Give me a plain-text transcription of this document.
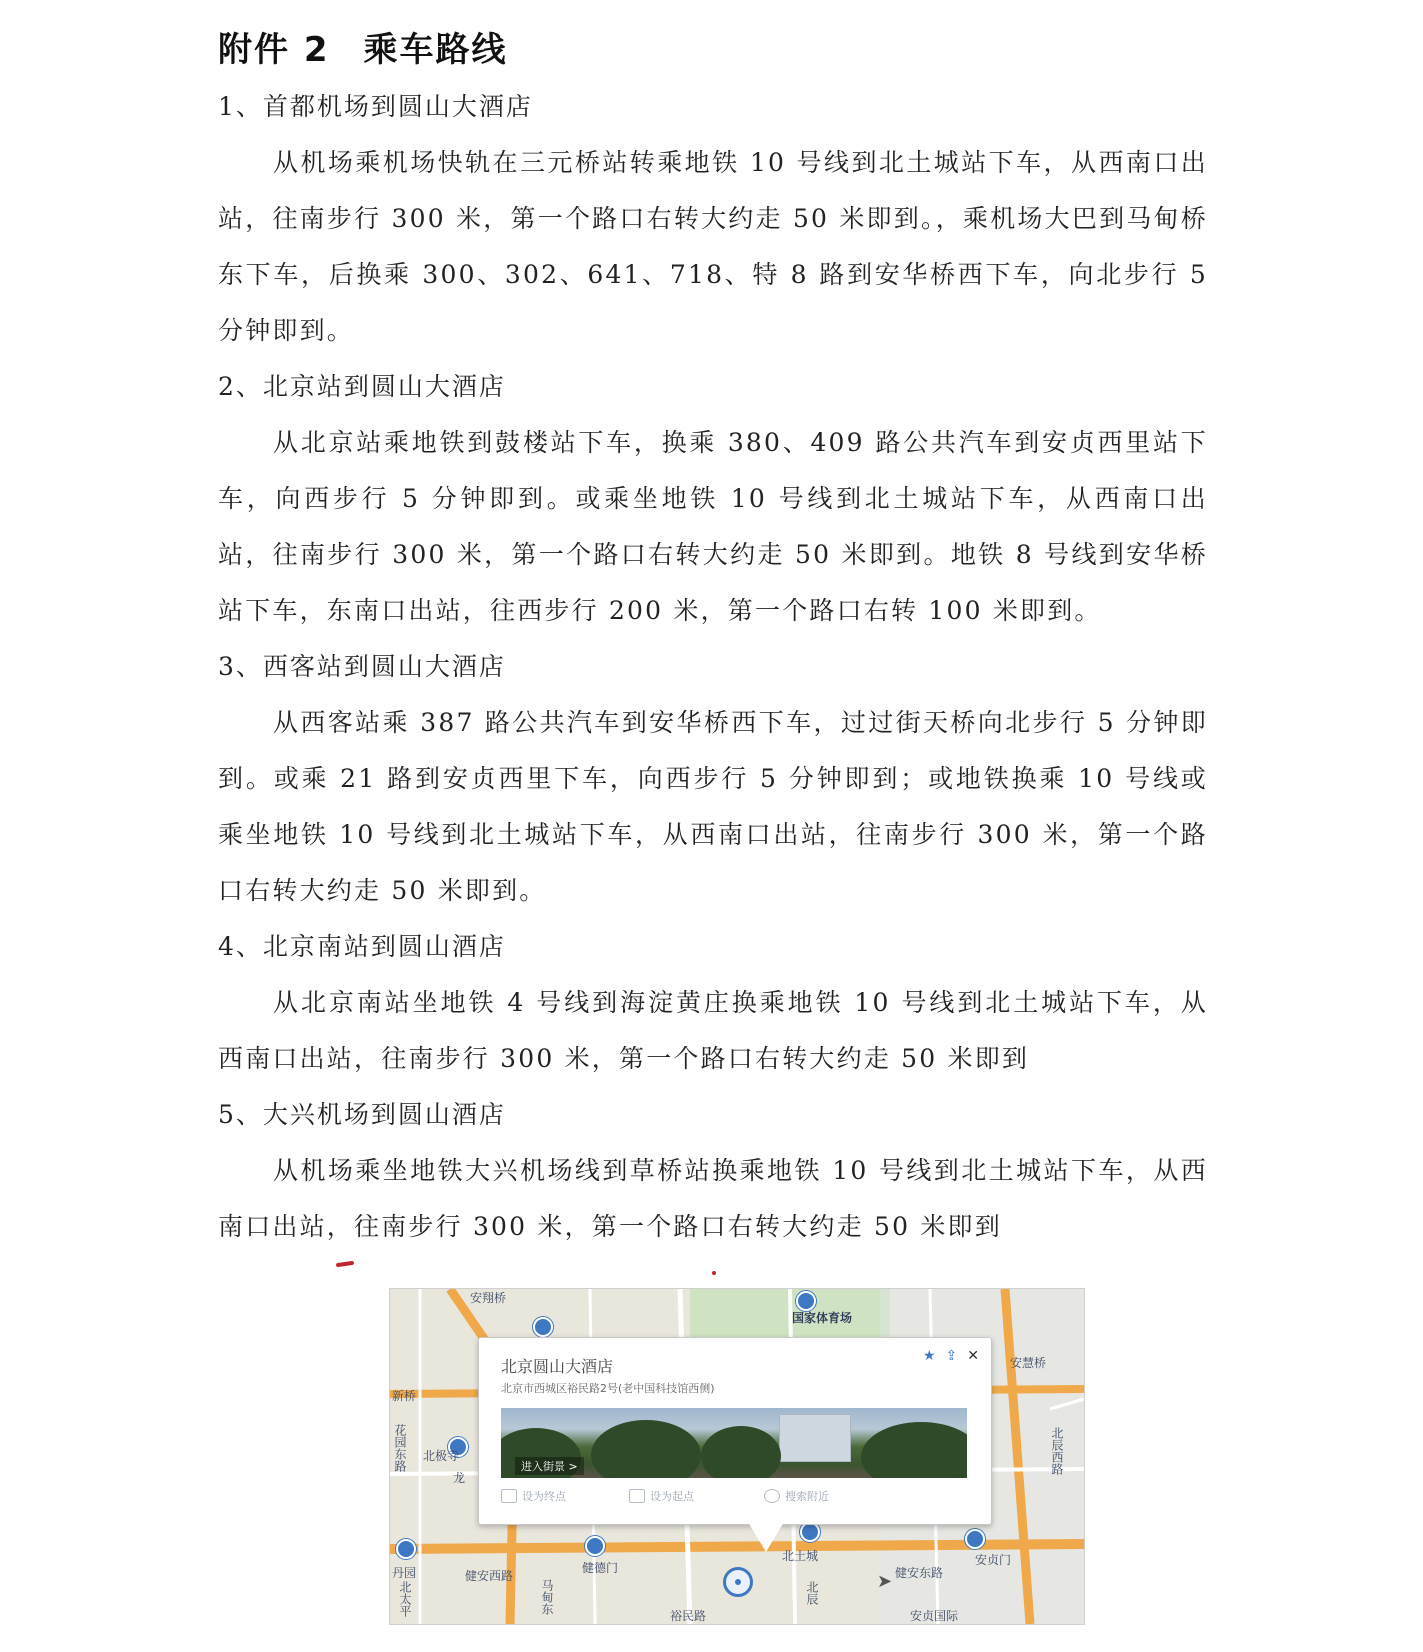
附件 2 乘车路线

1、首都机场到圆山大酒店

从机场乘机场快轨在三元桥站转乘地铁 10 号线到北土城站下车，从西南口出站，往南步行 300 米，第一个路口右转大约走 50 米即到。，乘机场大巴到马甸桥东下车，后换乘 300、302、641、718、特 8 路到安华桥西下车，向北步行 5 分钟即到。

2、北京站到圆山大酒店

从北京站乘地铁到鼓楼站下车，换乘 380、409 路公共汽车到安贞西里站下车，向西步行 5 分钟即到。或乘坐地铁 10 号线到北土城站下车，从西南口出站，往南步行 300 米，第一个路口右转大约走 50 米即到。地铁 8 号线到安华桥站下车，东南口出站，往西步行 200 米，第一个路口右转 100 米即到。

3、西客站到圆山大酒店

从西客站乘 387 路公共汽车到安华桥西下车，过过街天桥向北步行 5 分钟即到。或乘 21 路到安贞西里下车，向西步行 5 分钟即到；或地铁换乘 10 号线或乘坐地铁 10 号线到北土城站下车，从西南口出站，往南步行 300 米，第一个路口右转大约走 50 米即到。

4、北京南站到圆山酒店

从北京南站坐地铁 4 号线到海淀黄庄换乘地铁 10 号线到北土城站下车，从西南口出站，往南步行 300 米，第一个路口右转大约走 50 米即到

5、大兴机场到圆山酒店

从机场乘坐地铁大兴机场线到草桥站换乘地铁 10 号线到北土城站下车，从西南口出站，往南步行 300 米，第一个路口右转大约走 50 米即到

安翔桥
国家体育场
安慧桥
新桥
北极寺
龙
花园东路	北辰西路
北土城	安贞门
健德门
健安西路	健安东路
马甸东
裕民路
北太平	北辰
丹园
安贞国际
★ ⇪ ✕
北京圆山大酒店
北京市西城区裕民路2号(老中国科技馆西侧)
进入街景 >
设为终点	设为起点	搜索附近
➤
